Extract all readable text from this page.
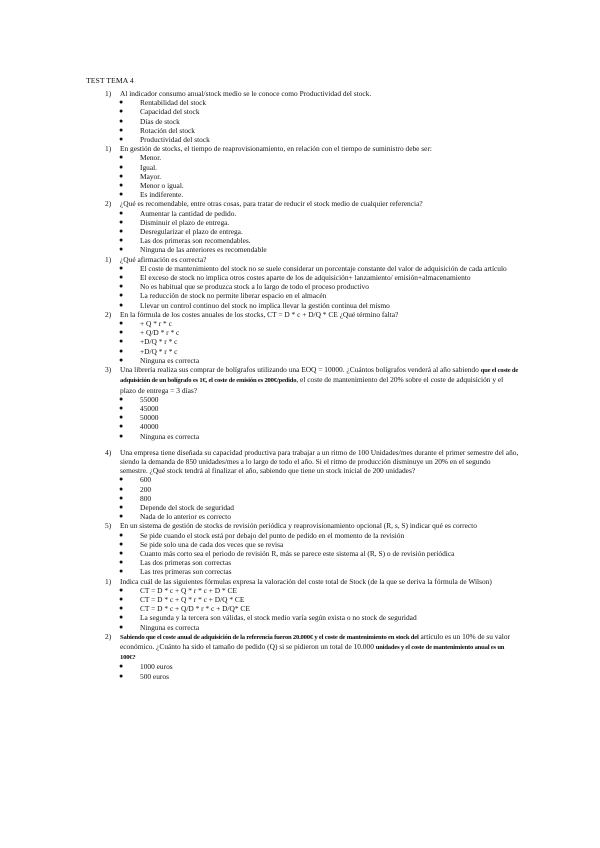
TEST TEMA 4
1)	Al indicador consumo anual/stock medio se le conoce como Productividad del stock.
● Rentabilidad del stock
● Capacidad del stock
● Días de stock
● Rotación del stock
● Productividad del stock
1)	En gestión de stocks, el tiempo de reaprovisionamiento, en relación con el tiempo de suministro debe ser:
● Menor.
● Igual.
● Mayor.
● Menor o igual.
● Es indiferente.
2)	¿Qué es recomendable, entre otras cosas, para tratar de reducir el stock medio de cualquier referencia?
● Aumentar la cantidad de pedido.
● Disminuir el plazo de entrega.
● Desregularizar el plazo de entrega.
● Las dos primeras son recomendables.
● Ninguna de las anteriores es recomendable
1)	¿Qué afirmación es correcta?
● El coste de mantenimiento del stock no se suele considerar un porcentaje constante del valor de adquisición de cada artículo
● El exceso de stock no implica otros costes aparte de los de adquisición+ lanzamiento/ emisión+almacenamiento
● No es habitual que se produzca stock a lo largo de todo el proceso productivo
● La reducción de stock no permite liberar espacio en el almacén
● Llevar un control continuo del stock no implica llevar la gestión continua del mismo
2)	En la fórmula de los costes anuales de los stocks, CT = D * c + D/Q * CE ¿Qué término falta?
● + Q * r * c
● + Q/D * r * c
● +D/Q * r * c
● +D/Q * r * c
● Ninguna es correcta
3)	Una librería realiza sus comprar de bolígrafos utilizando una EOQ = 10000. ¿Cuántos bolígrafos venderá al año sabiendo que el coste de adquisición de un bolígrafo es 1€, el coste de emisión es 200€/pedido, el coste de mantenimiento del 20% sobre el coste de adquisición y el plazo de entrega = 3 días?
● 55000
● 45000
● 50000
● 40000
● Ninguna es correcta
4)	Una empresa tiene diseñada su capacidad productiva para trabajar a un ritmo de 100 Unidades/mes durante el primer semestre del año, siendo la demanda de 850 unidades/mes a lo largo de todo el año. Si el ritmo de producción disminuye un 20% en el segundo semestre. ¿Qué stock tendrá al finalizar el año, sabiendo que tiene un stock inicial de 200 unidades?
● 600
● 200
● 800
● Depende del stock de seguridad
● Nada de lo anterior es correcto
5)	En un sistema de gestión de stocks de revisión periódica y reaprovisionamiento opcional (R, s, S) indicar qué es correcto
● Se pide cuando el stock está por debajo del punto de pedido en el momento de la revisión
● Se pide solo una de cada dos veces que se revisa
● Cuanto más corto sea el periodo de revisión R, más se parece este sistema al (R, S) o de revisión periódica
● Las dos primeras son correctas
● Las tres primeras son correctas
1)	Indica cuál de las siguientes fórmulas expresa la valoración del coste total de Stock (de la que se deriva la fórmula de Wilson)
● CT = D * c + Q * r * c + D * CE
● CT = D * c + Q * r * c + D/Q * CE
● CT = D * c + Q/D * r * c + D/Q* CE
● La segunda y la tercera son válidas, el stock medio varía según exista o no stock de seguridad
● Ninguna es correcta
2)	Sabiendo que el coste anual de adquisición de la referencia fueron 20.000€ y el coste de mantenimiento en stock del artículo es un 10% de su valor económico. ¿Cuánto ha sido el tamaño de pedido (Q) si se pidieron un total de 10.000 unidades y el coste de mantenimiento anual es un 100€?
● 1000 euros
● 500 euros
